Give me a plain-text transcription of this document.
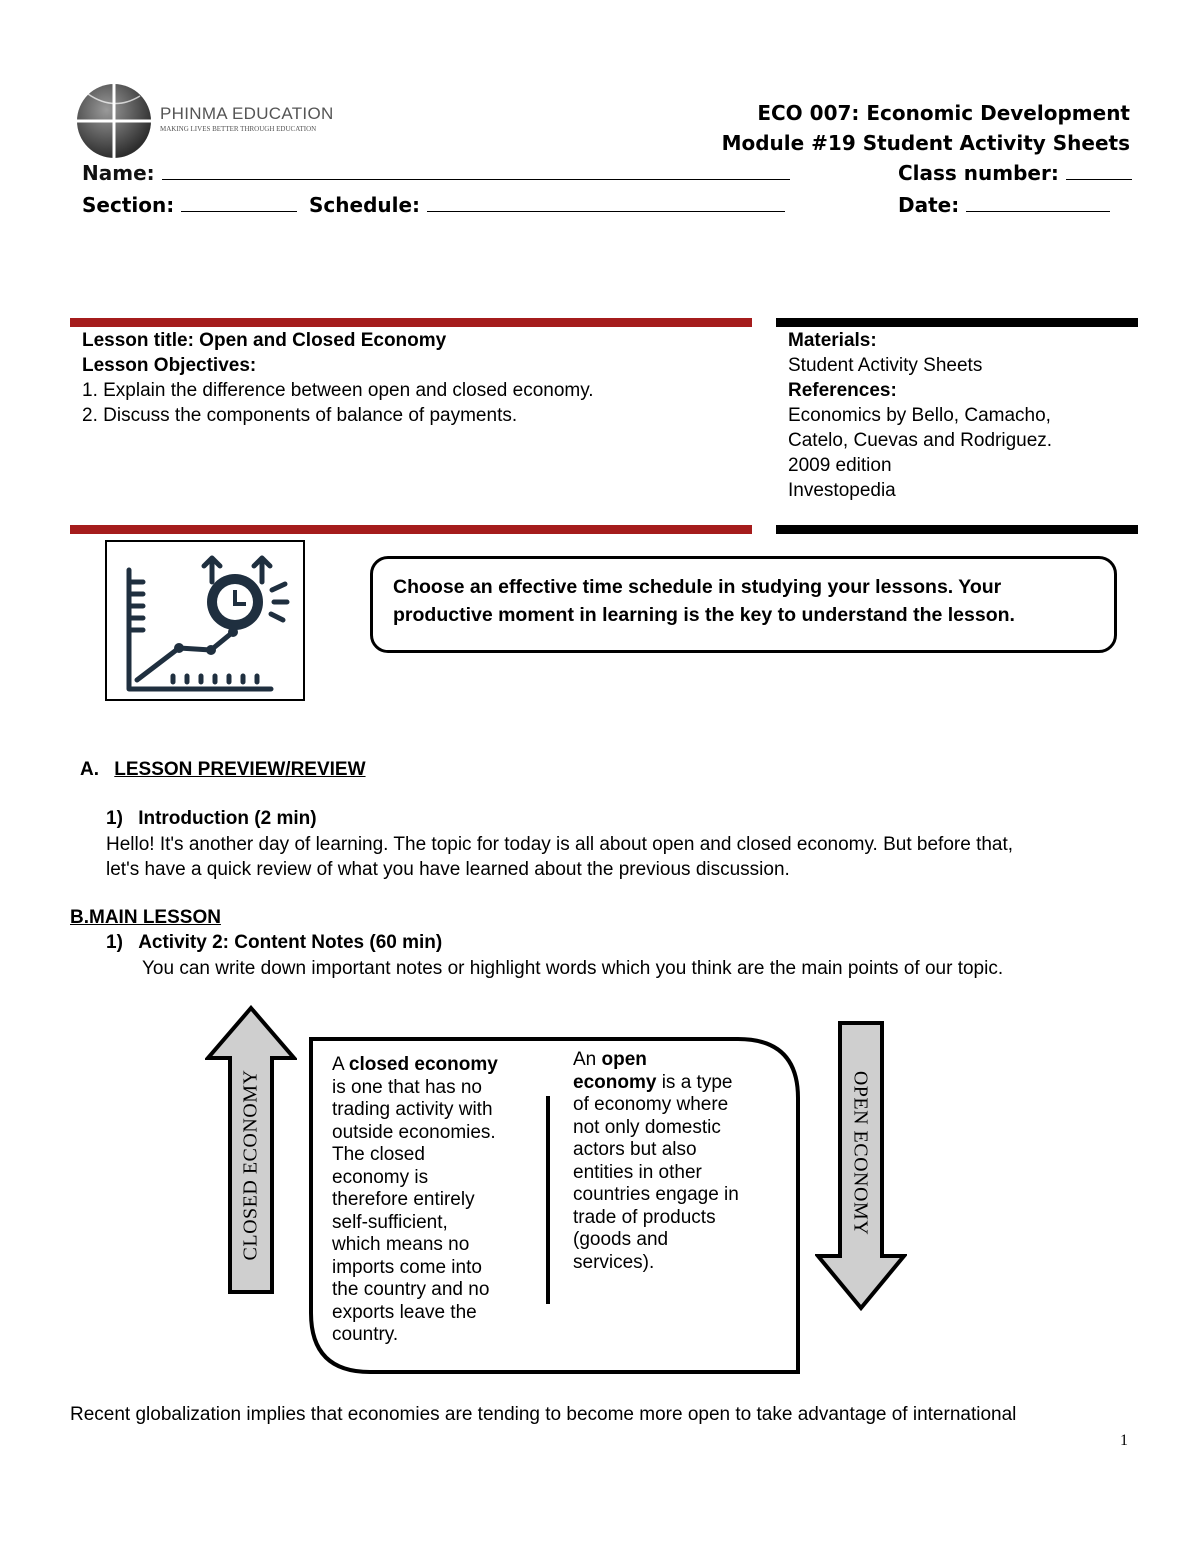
PHINMA EDUCATION
MAKING LIVES BETTER THROUGH EDUCATION
ECO 007: Economic Development
Module #19 Student Activity Sheets
Name:	Class number:
Section:	Schedule:	Date:
Lesson title: Open and Closed Economy
Lesson Objectives:
1. Explain the difference between open and closed economy.
2. Discuss the components of balance of payments.
Materials:
Student Activity Sheets
References:
Economics by Bello, Camacho,
Catelo, Cuevas and Rodriguez.
2009 edition
Investopedia
Choose an effective time schedule in studying your lessons. Your
productive moment in learning is the key to understand the lesson.
A. LESSON PREVIEW/REVIEW
1) Introduction (2 min)
Hello! It's another day of learning. The topic for today is all about open and closed economy. But before that,
let's have a quick review of what you have learned about the previous discussion.
B.MAIN LESSON
1) Activity 2: Content Notes (60 min)
You can write down important notes or highlight words which you think are the main points of our topic.
CLOSED ECONOMY	OPEN ECONOMY
A closed economy
is one that has no
trading activity with
outside economies.
The closed
economy is
therefore entirely
self-sufficient,
which means no
imports come into
the country and no
exports leave the
country.
An open
economy is a type
of economy where
not only domestic
actors but also
entities in other
countries engage in
trade of products
(goods and
services).
Recent globalization implies that economies are tending to become more open to take advantage of international
1
